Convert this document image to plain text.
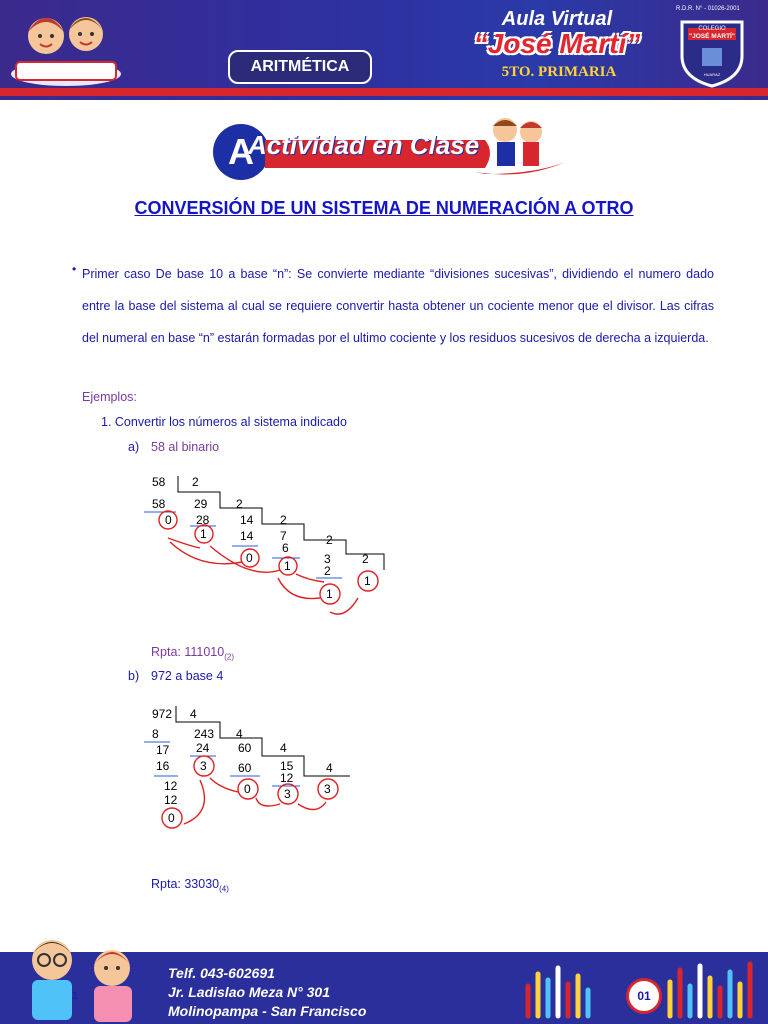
ARITMÉTICA
Aula Virtual
“José Martí”
5TO. PRIMARIA
R.D.R. N° - 01026-2001
COLEGIO
"JOSÉ MARTÍ"
HUARAZ
A
Actividad en Clase
CONVERSIÓN DE UN SISTEMA DE NUMERACIÓN A OTRO
• Primer caso De base 10 a base “n”: Se convierte mediante “divisiones sucesivas”, dividiendo el numero dado entre la base del sistema al cual se requiere convertir hasta obtener un cociente menor que el divisor. Las cifras del numeral en base “n” estarán formadas por el ultimo cociente y los residuos sucesivos de derecha a izquierda.
Ejemplos:
1. Convertir los números al sistema indicado
a) 58 al binario
58 2
58 29 2
0 28	14 2
1	14 7	2
0
6
3	2
1	2
1
1
Rpta: $111010_{(2)}$
b) 972 a base 4
972 4
8	243 4
17 24 60 4
16	3	60 15	4
12
12
0
12
3	3
0
Rpta: $33030_{(4)}$
1
Telf. 043-602691
Jr. Ladislao Meza N° 301
Molinopampa - San Francisco
01
